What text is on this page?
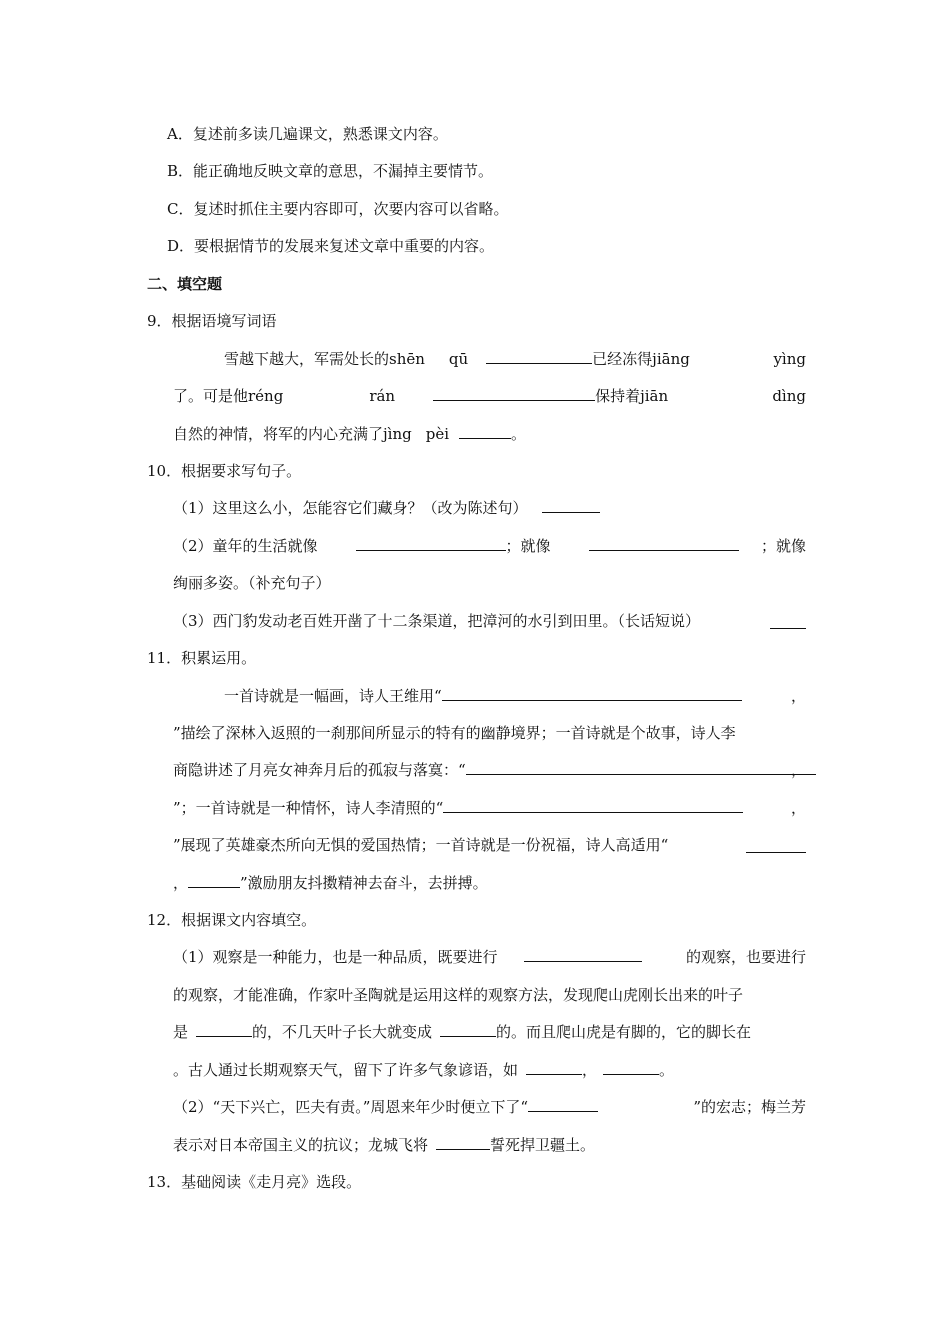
A．复述前多读几遍课文，熟悉课文内容。
B．能正确地反映文章的意思，不漏掉主要情节。
C．复述时抓住主要内容即可，次要内容可以省略。
D．要根据情节的发展来复述文章中重要的内容。
二、填空题
9．根据语境写词语
雪越下越大，军需处长的shēn qū	已经冻得jiāng	yìng
了。可是他réng	rán	保持着jiān	dìng
自然的神情，将军的内心充满了jìng pèi	。
10．根据要求写句子。
（1）这里这么小，怎能容它们藏身？（改为陈述句）
（2）童年的生活就像	；就像	；就像
绚丽多姿。（补充句子）
（3）西门豹发动老百姓开凿了十二条渠道，把漳河的水引到田里。（长话短说）
11．积累运用。
一首诗就是一幅画，诗人王维用“	，
”描绘了深林入返照的一刹那间所显示的特有的幽静境界；一首诗就是个故事，诗人李
商隐讲述了月亮女神奔月后的孤寂与落寞：“	，
”；一首诗就是一种情怀，诗人李清照的“	，
”展现了英雄豪杰所向无惧的爱国热情；一首诗就是一份祝福，诗人高适用“
，	”激励朋友抖擞精神去奋斗，去拼搏。
12．根据课文内容填空。
（1）观察是一种能力，也是一种品质，既要进行	的观察，也要进行
的观察，才能准确，作家叶圣陶就是运用这样的观察方法，发现爬山虎刚长出来的叶子
是	的，不几天叶子长大就变成	的。而且爬山虎是有脚的，它的脚长在
。古人通过长期观察天气，留下了许多气象谚语，如	，	。
（2）“天下兴亡，匹夫有责。”周恩来年少时便立下了“	”的宏志；梅兰芳
表示对日本帝国主义的抗议；龙城飞将	誓死捍卫疆土。
13．基础阅读《走月亮》选段。
